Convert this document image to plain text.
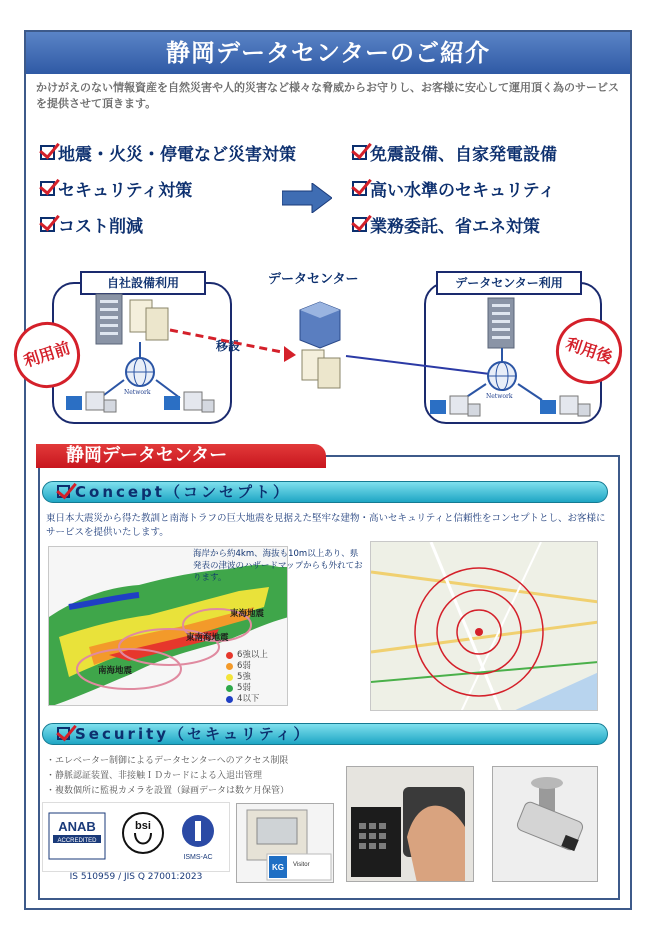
静岡データセンターのご紹介
かけがえのない情報資産を自然災害や人的災害など様々な脅威からお守りし、お客様に安心して運用頂く為のサービスを提供させて頂きます。
地震・火災・停電など災害対策
セキュリティ対策
コスト削減
免震設備、自家発電設備
高い水準のセキュリティ
業務委託、省エネ対策
自社設備利用	データセンター利用
データセンター
移設
利用前	利用後
Network
Network
静岡データセンター
Concept（コンセプト）
東日本大震災から得た教訓と南海トラフの巨大地震を見据えた堅牢な建物・高いセキュリティと信頼性をコンセプトとし、お客様にサービスを提供いたします。
海岸から約4km、海抜も10m以上あり、県発表の津波のハザードマップからも外れております。
東海地震
東南海地震
南海地震
6強以上
6弱
5強
5弱
4以下
Security（セキュリティ）
・エレベーター制御によるデータセンターへのアクセス制限
・静脈認証装置、非接触ＩＤカードによる入退出管理
・複数個所に監視カメラを設置（録画データは数ケ月保管）
ANAB
ACCREDITED
bsi
ISMS-AC
IS 510959 / JIS Q 27001:2023
KG Visitor
